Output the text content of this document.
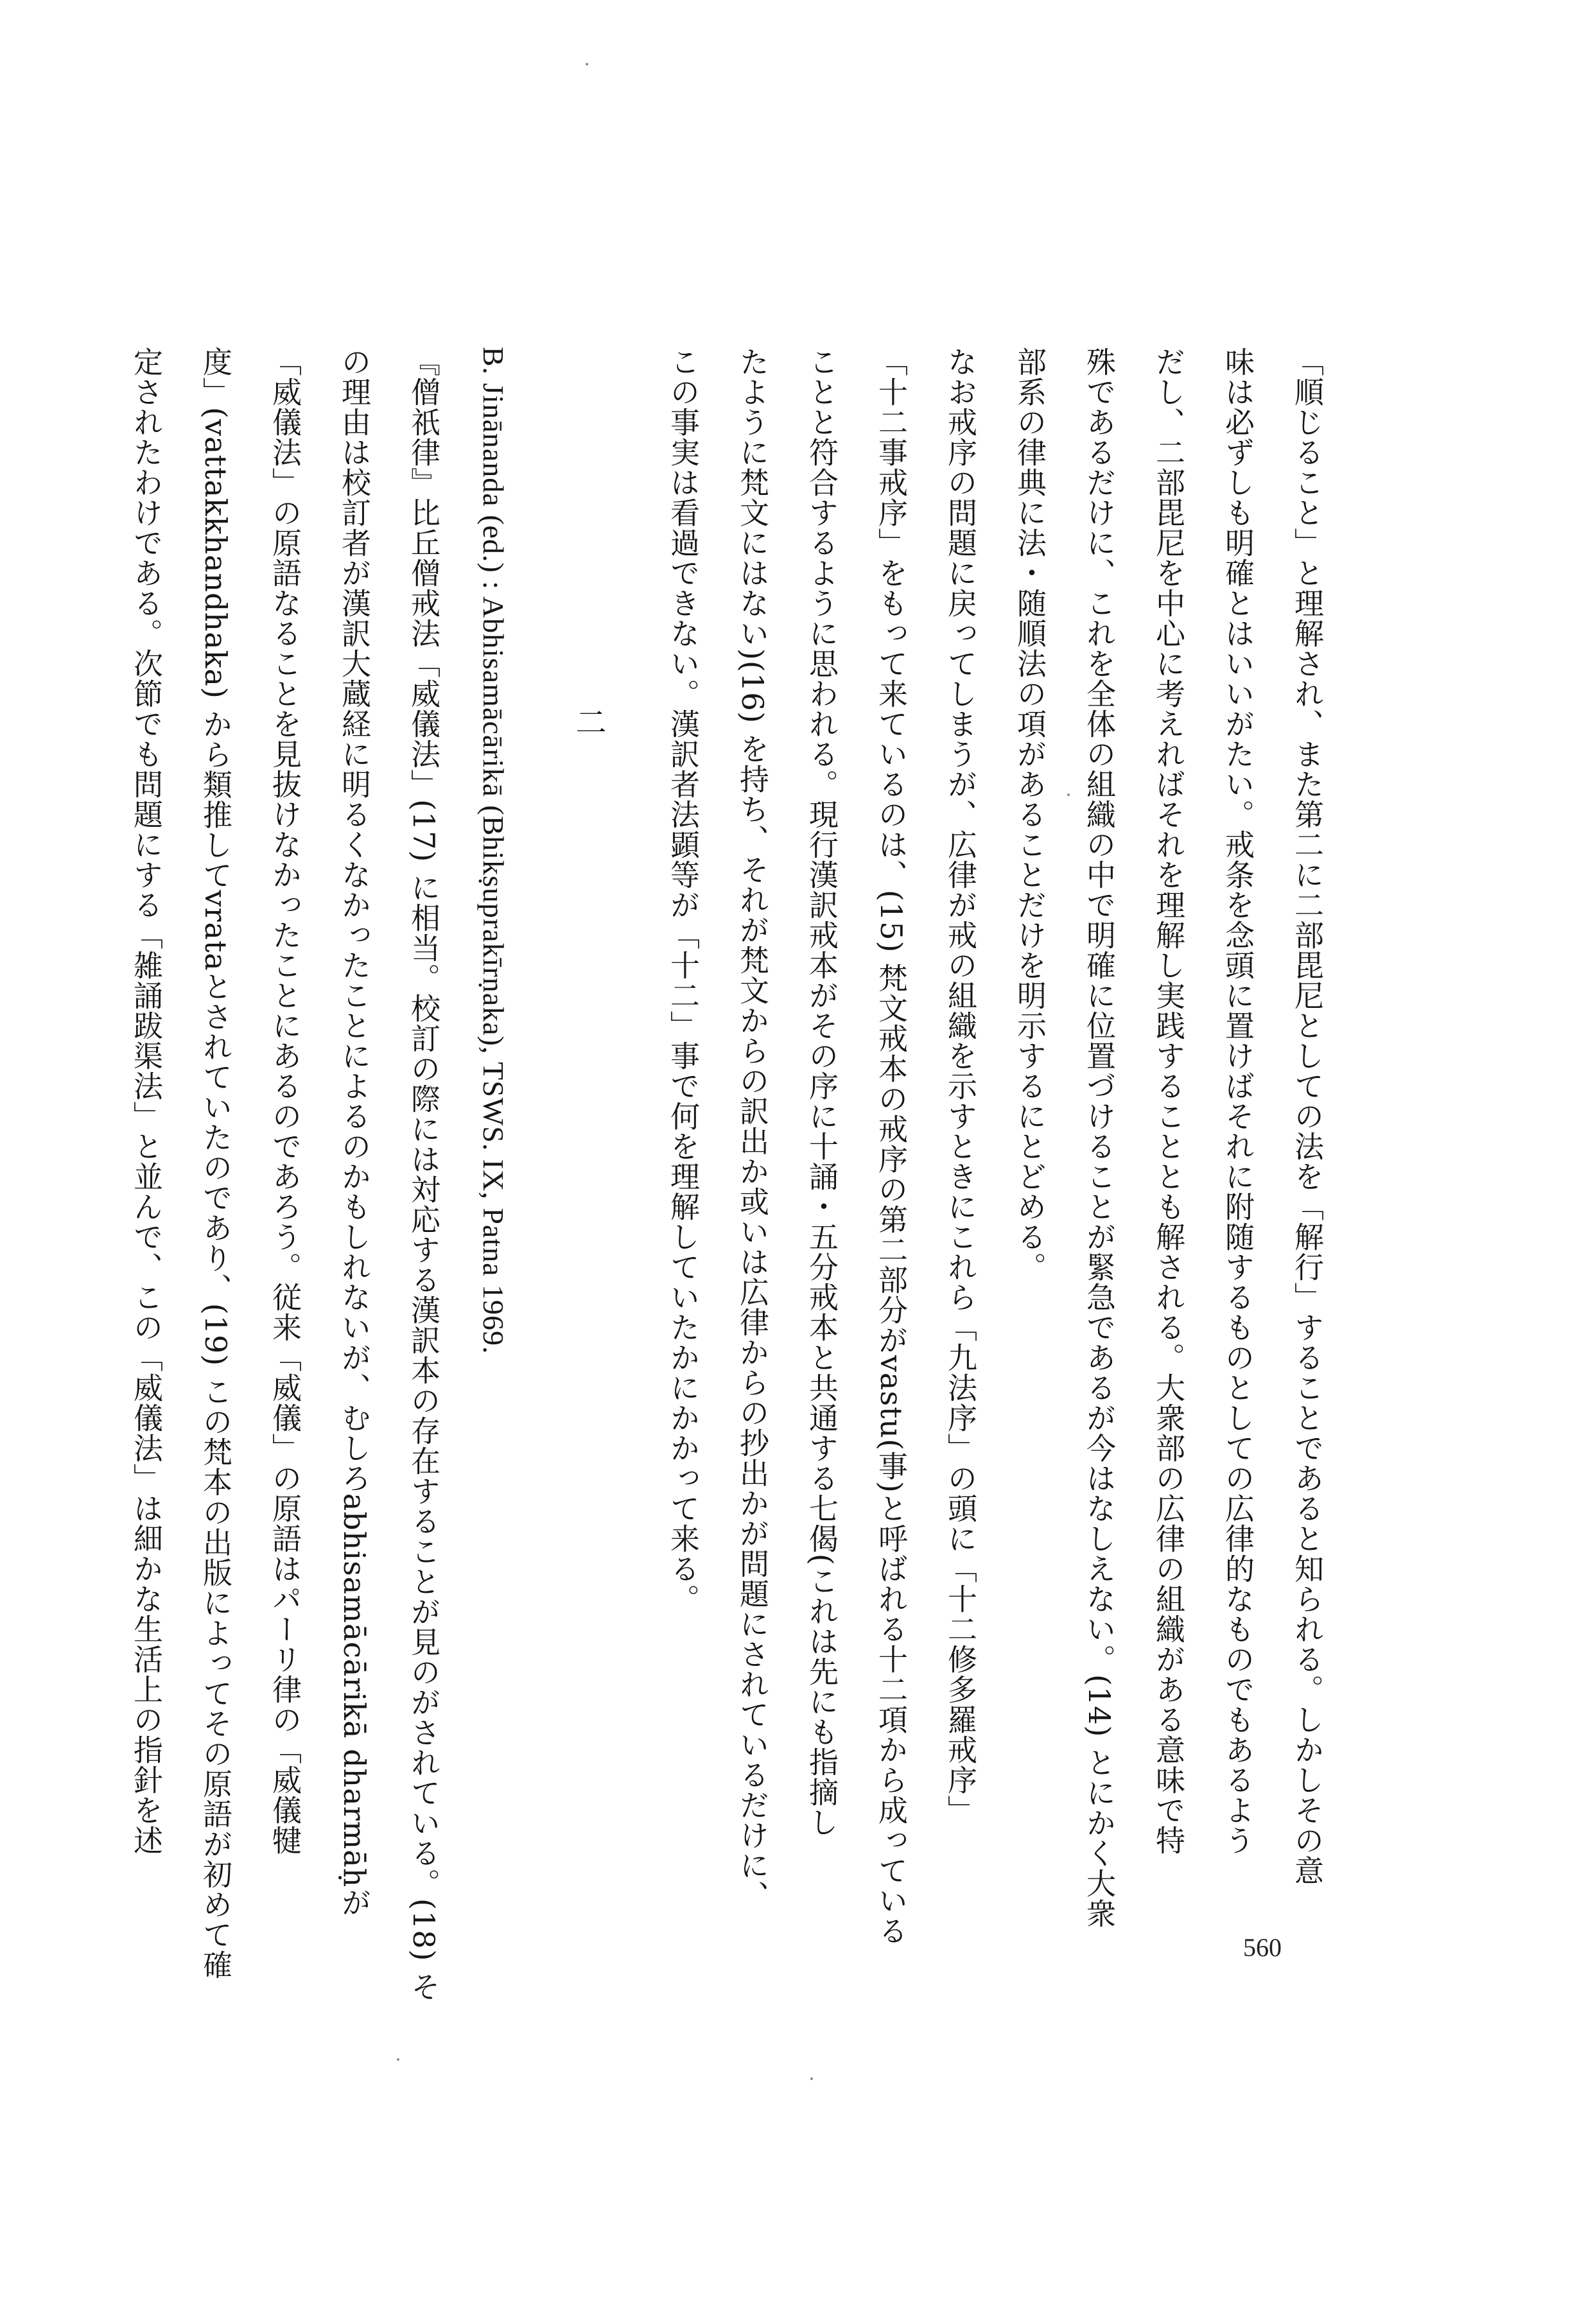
「順じること」と理解され、また第二に二部毘尼としての法を「解行」することであると知られる。しかしその意
味は必ずしも明確とはいいがたい。戒条を念頭に置けばそれに附随するものとしての広律的なものでもあるよう
だし、二部毘尼を中心に考えればそれを理解し実践することとも解される。大衆部の広律の組織がある意味で特
殊であるだけに、これを全体の組織の中で明確に位置づけることが緊急であるが今はなしえない。(14) とにかく大衆
部系の律典に法・随順法の項があることだけを明示するにとどめる。
なお戒序の問題に戻ってしまうが、広律が戒の組織を示すときにこれら「九法序」の頭に「十二修多羅戒序」
「十二事戒序」をもって来ているのは、(15) 梵文戒本の戒序の第二部分がvastu(事)と呼ばれる十二項から成っている
ことと符合するように思われる。現行漢訳戒本がその序に十誦・五分戒本と共通する七偈(これは先にも指摘し
たように梵文にはない)(16) を持ち、それが梵文からの訳出か或いは広律からの抄出かが問題にされているだけに、
この事実は看過できない。漢訳者法顕等が「十二」事で何を理解していたかにかかって来る。
二
B. Jinānanda (ed.) : Abhisamācārikā (Bhikṣuprakīrṇaka), TSWS. IX, Patna 1969.
『僧祇律』比丘僧戒法「威儀法」(17) に相当。校訂の際には対応する漢訳本の存在することが見のがされている。(18) そ
の理由は校訂者が漢訳大蔵経に明るくなかったことによるのかもしれないが、むしろabhisamācārikā dharmāḥが
「威儀法」の原語なることを見抜けなかったことにあるのであろう。従来「威儀」の原語はパーリ律の「威儀犍
度」(vattakkhandhaka) から類推してvrataとされていたのであり、(19) この梵本の出版によってその原語が初めて確
定されたわけである。次節でも問題にする「雑誦跋渠法」と並んで、この「威儀法」は細かな生活上の指針を述
560
